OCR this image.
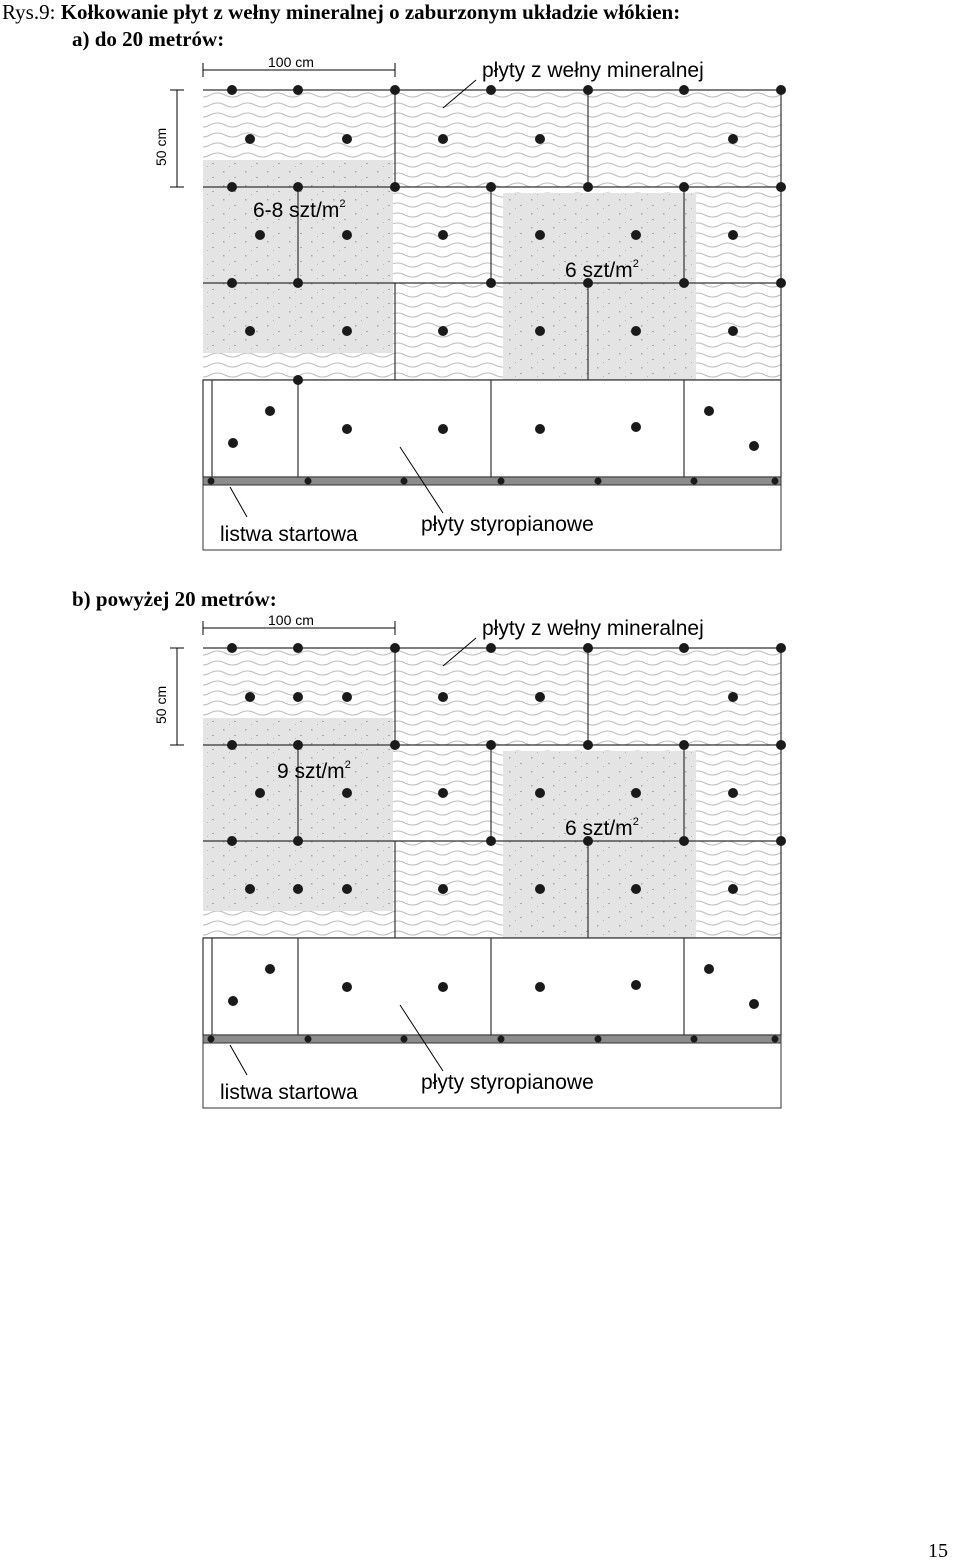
Rys.9: Kołkowanie płyt z wełny mineralnej o zaburzonym układzie włókien:
a) do 20 metrów:
b) powyżej 20 metrów:
100 cm
50 cm
płyty z wełny mineralnej
6-8 szt/$m^2$
6 szt/$m^2$
listwa startowa	płyty styropianowe
100 cm
50 cm
płyty z wełny mineralnej
9 szt/$m^2$
6 szt/$m^2$
listwa startowa	płyty styropianowe
15
